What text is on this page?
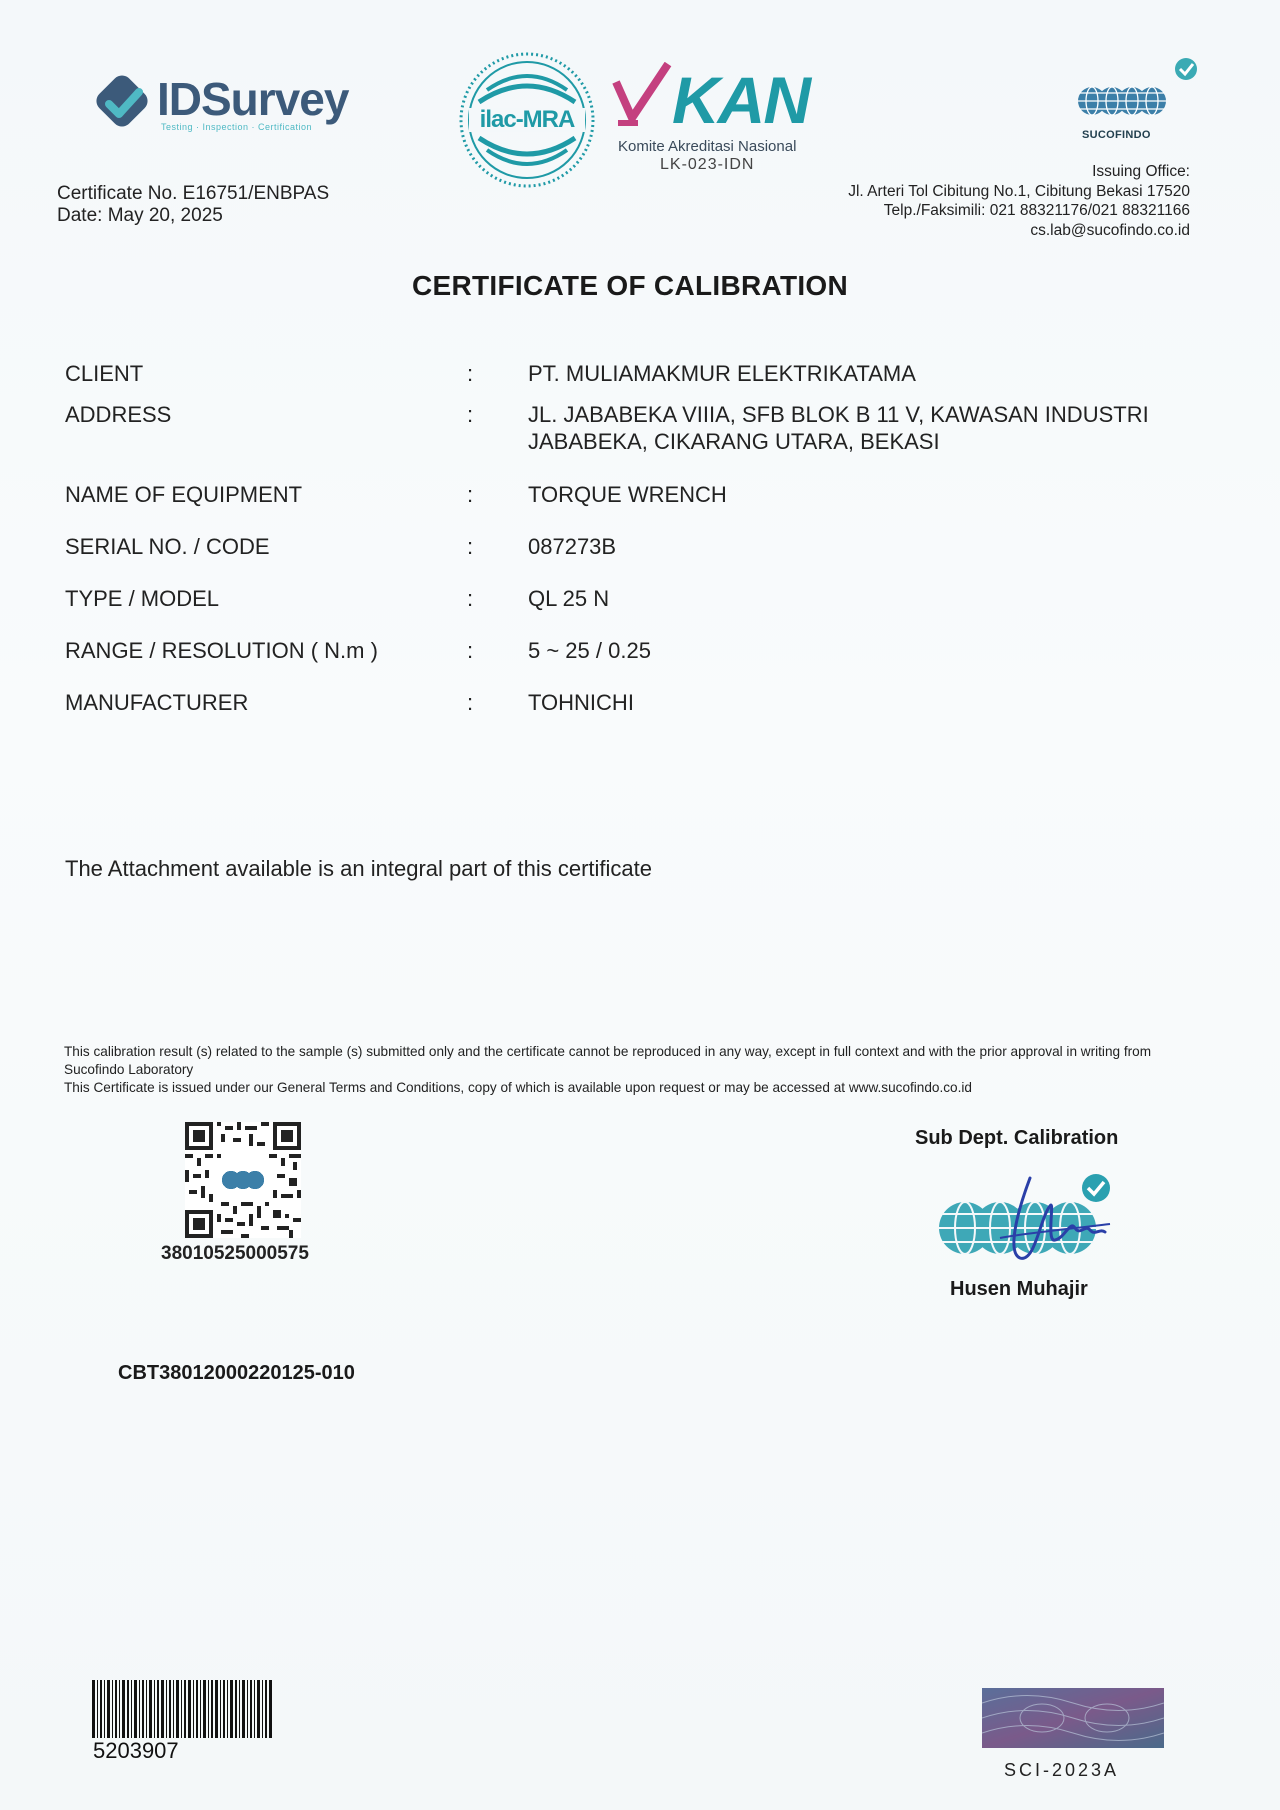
IDSurvey
Testing · Inspection · Certification	ilac-MRA KAN
Komite Akreditasi Nasional
LK-023-IDN
SUCOFINDO
Certificate No. E16751/ENBPAS
Date: May 20, 2025
Issuing Office:
Jl. Arteri Tol Cibitung No.1, Cibitung Bekasi 17520
Telp./Faksimili: 021 88321176/021 88321166
cs.lab@sucofindo.co.id
CERTIFICATE OF CALIBRATION
CLIENT	: PT. MULIAMAKMUR ELEKTRIKATAMA
ADDRESS	: JL. JABABEKA VIIIA, SFB BLOK B 11 V, KAWASAN INDUSTRI
JABABEKA, CIKARANG UTARA, BEKASI
NAME OF EQUIPMENT	: TORQUE WRENCH
SERIAL NO. / CODE	: 087273B
TYPE / MODEL	: QL 25 N
RANGE / RESOLUTION ( N.m )	: 5 ~ 25 / 0.25
MANUFACTURER	: TOHNICHI
The Attachment available is an integral part of this certificate
This calibration result (s) related to the sample (s) submitted only and the certificate cannot be reproduced in any way, except in full context and with the prior approval in writing from Sucofindo Laboratory
This Certificate is issued under our General Terms and Conditions, copy of which is available upon request or may be accessed at www.sucofindo.co.id
38010525000575
Sub Dept. Calibration
Husen Muhajir
CBT38012000220125-010
5203907
SCI-2023A
